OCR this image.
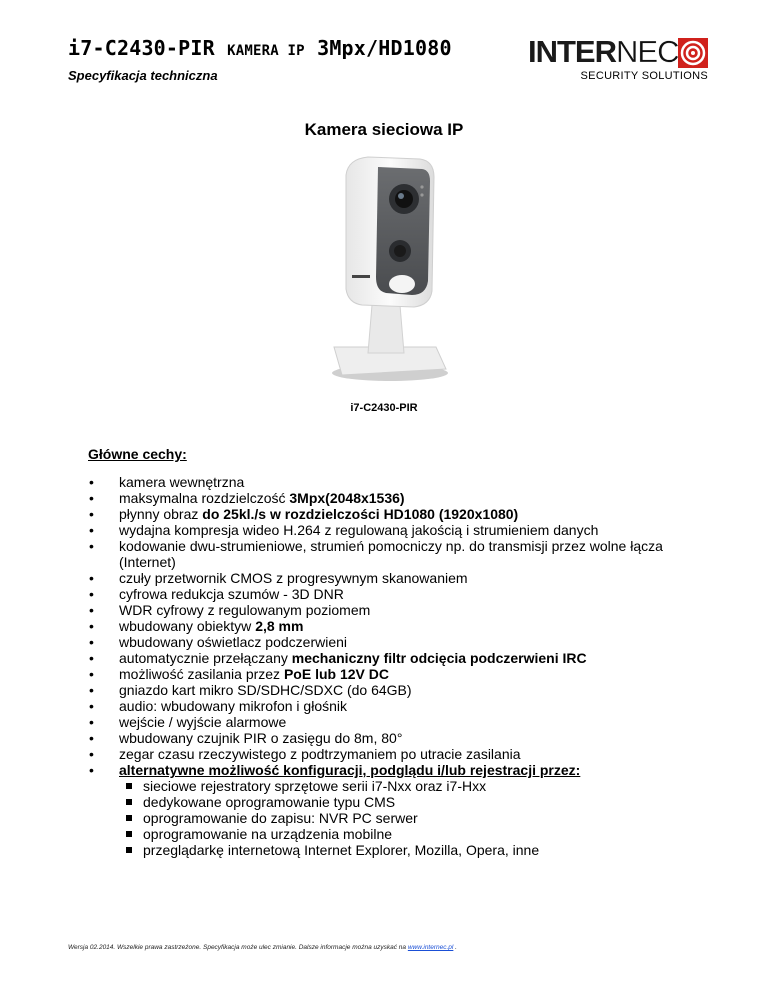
i7-C2430-PIR KAMERA IP 3Mpx/HD1080
Specyfikacja techniczna
INTERNEC
SECURITY SOLUTIONS
Kamera sieciowa IP
i7-C2430-PIR
Główne cechy:
• kamera wewnętrzna
• maksymalna rozdzielczość 3Mpx(2048x1536)
• płynny obraz do 25kl./s w rozdzielczości HD1080 (1920x1080)
• wydajna kompresja wideo H.264 z regulowaną jakością i strumieniem danych
• kodowanie dwu-strumieniowe, strumień pomocniczy np. do transmisji przez wolne łącza (Internet)
• czuły przetwornik CMOS z progresywnym skanowaniem
• cyfrowa redukcja szumów - 3D DNR
• WDR cyfrowy z regulowanym poziomem
• wbudowany obiektyw 2,8 mm
• wbudowany oświetlacz podczerwieni
• automatycznie przełączany mechaniczny filtr odcięcia podczerwieni IRC
• możliwość zasilania przez PoE lub 12V DC
• gniazdo kart mikro SD/SDHC/SDXC (do 64GB)
• audio: wbudowany mikrofon i głośnik
• wejście / wyjście alarmowe
• wbudowany czujnik PIR o zasięgu do 8m, 80°
• zegar czasu rzeczywistego z podtrzymaniem po utracie zasilania
• alternatywne możliwość konfiguracji, podglądu i/lub rejestracji przez:
sieciowe rejestratory sprzętowe serii i7-Nxx oraz i7-Hxx
dedykowane oprogramowanie typu CMS
oprogramowanie do zapisu: NVR PC serwer
oprogramowanie na urządzenia mobilne
przeglądarkę internetową Internet Explorer, Mozilla, Opera, inne
Wersja 02.2014. Wszelkie prawa zastrzeżone. Specyfikacja może ulec zmianie. Dalsze informacje można uzyskać na www.internec.pl .
